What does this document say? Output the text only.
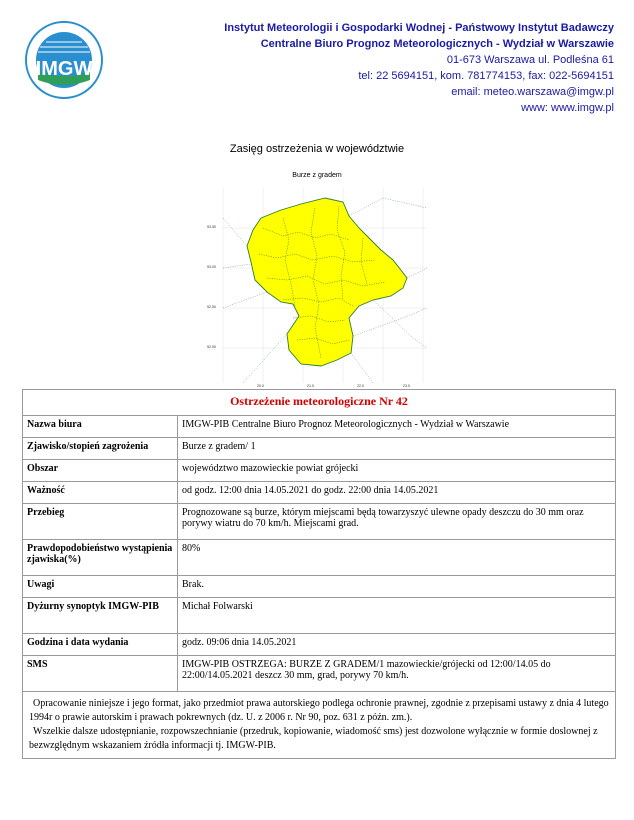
IMGW
Instytut Meteorologii i Gospodarki Wodnej - Państwowy Instytut Badawczy
Centralne Biuro Prognoz Meteorologicznych - Wydział w Warszawie
01-673 Warszawa ul. Podleśna 61
tel: 22 5694151, kom. 781774153, fax: 022-5694151
email: meteo.warszawa@imgw.pl
www: www.imgw.pl
Zasięg ostrzeżenia w województwie
Burze z gradem
53.50
53.00
52.50
52.00
20.0	21.0	22.0	23.0
Ostrzeżenie meteorologiczne Nr 42	
Nazwa biura	IMGW-PIB Centralne Biuro Prognoz Meteorologicznych - Wydział w Warszawie
Zjawisko/stopień zagrożenia	Burze z gradem/ 1
Obszar	województwo mazowieckie powiat grójecki
Ważność	od godz. 12:00 dnia 14.05.2021 do godz. 22:00 dnia 14.05.2021
Przebieg	Prognozowane są burze, którym miejscami będą towarzyszyć ulewne opady deszczu do 30 mm oraz porywy wiatru do 70 km/h. Miejscami grad.
Prawdopodobieństwo wystąpienia zjawiska(%)	80%
Uwagi	Brak.
Dyżurny synoptyk IMGW-PIB	Michał Folwarski
Godzina i data wydania	godz. 09:06 dnia 14.05.2021
SMS	IMGW-PIB OSTRZEGA: BURZE Z GRADEM/1 mazowieckie/grójecki od 12:00/14.05 do 22:00/14.05.2021 deszcz 30 mm, grad, porywy 70 km/h.

Opracowanie niniejsze i jego format, jako przedmiot prawa autorskiego podlega ochronie prawnej, zgodnie z przepisami ustawy z dnia 4 lutego 1994r o prawie autorskim i prawach pokrewnych (dz. U. z 2006 r. Nr 90, poz. 631 z późn. zm.).
Wszelkie dalsze udostępnianie, rozpowszechnianie (przedruk, kopiowanie, wiadomość sms) jest dozwolone wyłącznie w formie doslownej z bezwzględnym wskazaniem źródła informacji tj. IMGW-PIB.	
